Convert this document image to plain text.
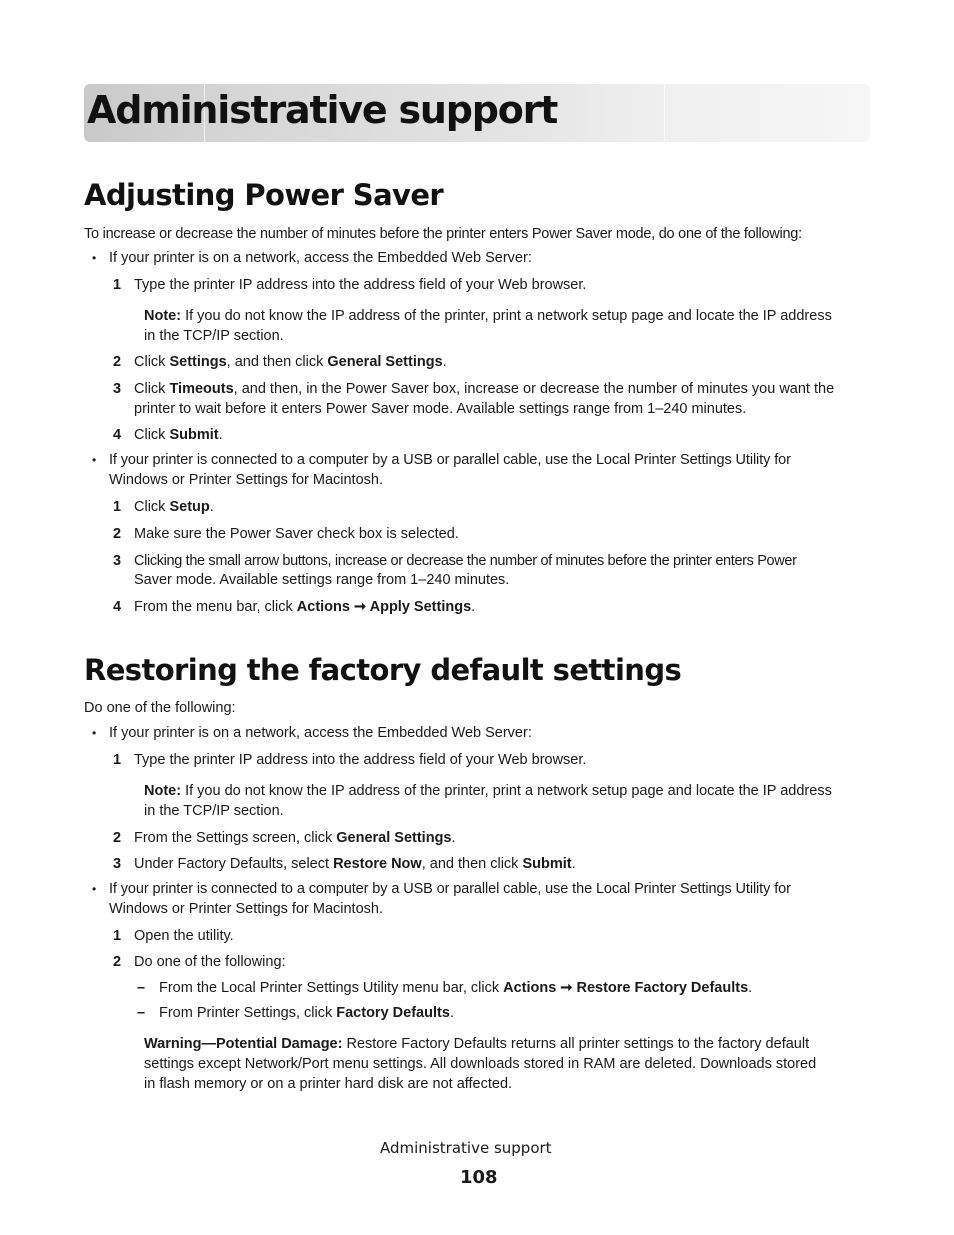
Administrative support
Adjusting Power Saver

To increase or decrease the number of minutes before the printer enters Power Saver mode, do one of the following:

• If your printer is on a network, access the Embedded Web Server:

1 Type the printer IP address into the address field of your Web browser.

Note: If you do not know the IP address of the printer, print a network setup page and locate the IP address

in the TCP/IP section.

2 Click Settings, and then click General Settings.

3 Click Timeouts, and then, in the Power Saver box, increase or decrease the number of minutes you want the

printer to wait before it enters Power Saver mode. Available settings range from 1–240 minutes.

4 Click Submit.

• If your printer is connected to a computer by a USB or parallel cable, use the Local Printer Settings Utility for

Windows or Printer Settings for Macintosh.

1 Click Setup.

2 Make sure the Power Saver check box is selected.

3 Clicking the small arrow buttons, increase or decrease the number of minutes before the printer enters Power

Saver mode. Available settings range from 1–240 minutes.

4 From the menu bar, click Actions ➞ Apply Settings.

Restoring the factory default settings

Do one of the following:

• If your printer is on a network, access the Embedded Web Server:

1 Type the printer IP address into the address field of your Web browser.

Note: If you do not know the IP address of the printer, print a network setup page and locate the IP address

in the TCP/IP section.

2 From the Settings screen, click General Settings.

3 Under Factory Defaults, select Restore Now, and then click Submit.

• If your printer is connected to a computer by a USB or parallel cable, use the Local Printer Settings Utility for

Windows or Printer Settings for Macintosh.

1 Open the utility.

2 Do one of the following:

– From the Local Printer Settings Utility menu bar, click Actions ➞ Restore Factory Defaults.

– From Printer Settings, click Factory Defaults.

Warning—Potential Damage: Restore Factory Defaults returns all printer settings to the factory default

settings except Network/Port menu settings. All downloads stored in RAM are deleted. Downloads stored

in flash memory or on a printer hard disk are not affected.

Administrative support
108
